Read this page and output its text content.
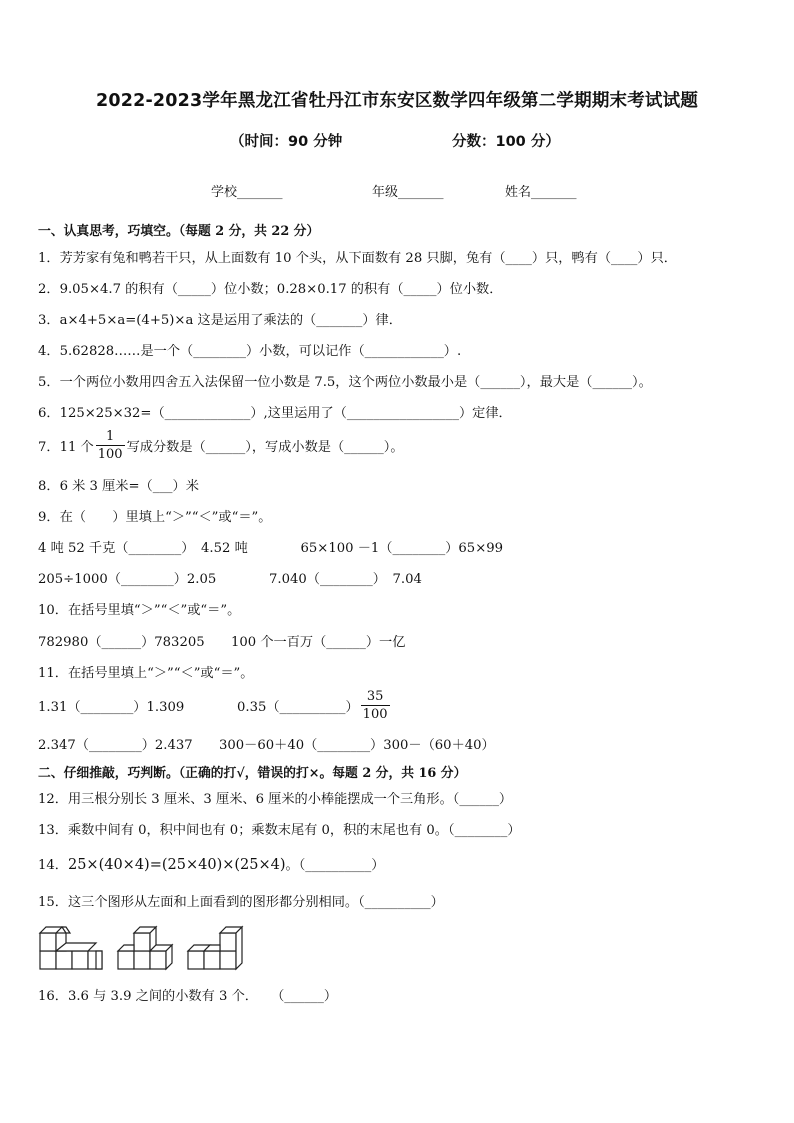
2022-2023学年黑龙江省牡丹江市东安区数学四年级第二学期期末考试试题
（时间：90 分钟	分数：100 分）
学校_______	年级_______	姓名_______
一、认真思考，巧填空。（每题 2 分，共 22 分）
1．芳芳家有兔和鸭若干只，从上面数有 10 个头，从下面数有 28 只脚，兔有（____）只，鸭有（____）只．
2．9.05×4.7 的积有（_____）位小数；0.28×0.17 的积有（_____）位小数．
3．a×4+5×a=(4+5)×a 这是运用了乘法的（_______）律．
4．5.62828……是一个（________）小数，可以记作（____________）.
5．一个两位小数用四舍五入法保留一位小数是 7.5，这个两位小数最小是（______），最大是（______）。
6．125×25×32=（_____________）,这里运用了（_________________）定律．
7．11 个 $\frac{1}{100}$ 写成分数是（______），写成小数是（______）。
8．6 米 3 厘米=（___）米
9．在（　　）里填上“＞”“＜”或“＝”。
4 吨 52 千克（________）　4.52 吨　　　　65×100 －1（________）65×99
205÷1000（________）2.05　　　　7.040（________）　7.04
10．在括号里填“＞”“＜”或“＝”。
782980（______）783205　　100 个一百万（______）一亿
11．在括号里填上“＞”“＜”或“＝”。
1.31（________）1.309　　　　0.35（__________） $\frac{35}{100}$
2.347（________）2.437　　300－60＋40（________）300－（60＋40）
二、仔细推敲，巧判断。（正确的打√，错误的打×。每题 2 分，共 16 分）
12．用三根分别长 3 厘米、3 厘米、6 厘米的小棒能摆成一个三角形。（______）
13．乘数中间有 0，积中间也有 0；乘数末尾有 0，积的末尾也有 0。（________）
14．25×(40×4)=(25×40)×(25×4)。（__________）
15．这三个图形从左面和上面看到的图形都分别相同。（__________）
16．3.6 与 3.9 之间的小数有 3 个．　　（______）
